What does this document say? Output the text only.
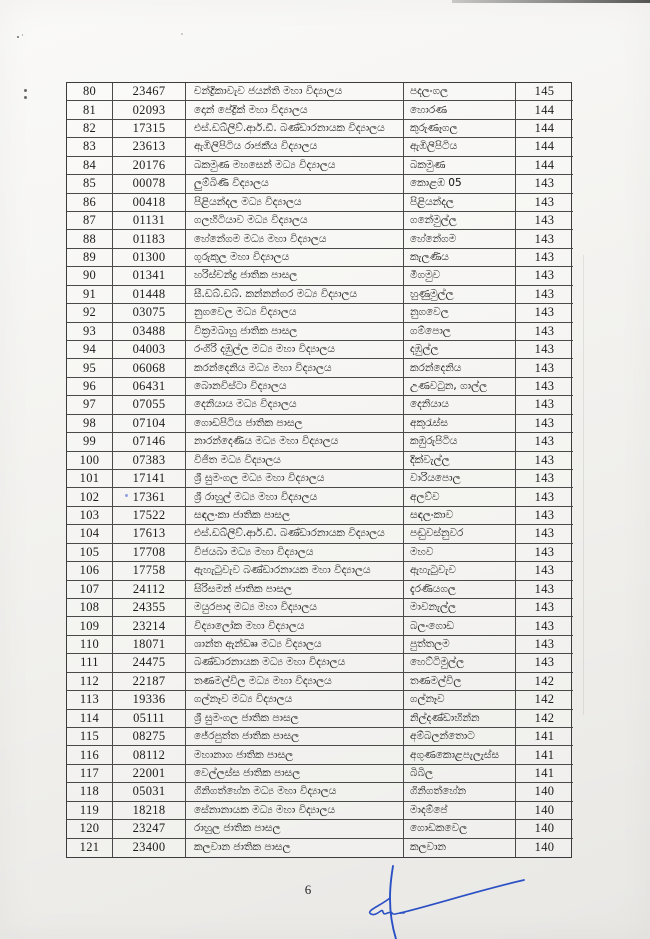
80	23467	චන්ද්‍රිකාවැව ජයන්ති මහා විද්‍යාලය	පදලංගල	145
81	02093	දොන් පේද්‍රික් මහා විද්‍යාලය	හොරණ	144
82	17315	එස්.ඩබ්ලිව්.ආර්.ඩී. බණ්ඩාරනායක විද්‍යාලය	කුරුණෑගල	144
83	23613	ඇඹිලිපිටිය රාජකීය විද්‍යාලය	ඇඹිලිපිටිය	144
84	20176	බකමුණ මහසෙන් මධ්‍ය විද්‍යාලය	බකමුණ	144
85	00078	ලුම්බිණි විද්‍යාලය	කොළඹ 05	143
86	00418	පිළියන්දල මධ්‍ය විද්‍යාලය	පිළියන්දල	143
87	01131	ගලහිටියාව මධ්‍ය විද්‍යාලය	ගනේමුල්ල	143
88	01183	හේනේගම මධ්‍ය මහා විද්‍යාලය	හේනේගම	143
89	01300	ගුරුකුල මහා විද්‍යාලය	කැලණිය	143
90	01341	හරිස්චන්ද්‍ර ජාතික පාසල	මීගමුව	143
91	01448	සී.ඩබ්.ඩබ්. කන්නන්ගර මධ්‍ය විද්‍යාලය	හුණුමුල්ල	143
92	03075	නුගවෙල මධ්‍ය විද්‍යාලය	නුගවෙල	143
93	03488	වික්‍රමබාහු ජාතික පාසල	ගම්පොල	143
94	04003	රංගිරි දඹුල්ල මධ්‍ය මහා විද්‍යාලය	දඹුල්ල	143
95	06068	කරන්දෙනිය මධ්‍ය මහා විද්‍යාලය	කරන්දෙනිය	143
96	06431	බොනවිස්ටා විද්‍යාලය	උණවටුන, ගාල්ල	143
97	07055	දෙනියාය මධ්‍ය විද්‍යාලය	දෙනියාය	143
98	07104	ගොඩපිටිය ජාතික පාසල	අකුරැස්ස	143
99	07146	නාරන්දෙණිය මධ්‍ය මහා විද්‍යාලය	කඹුරුපිටිය	143
100	07383	විජිත මධ්‍ය විද්‍යාලය	දික්වැල්ල	143
101	17141	ශ්‍රී සුමංගල මධ්‍ය මහා විද්‍යාලය	වාරියපොල	143
102	17361	ශ්‍රී රාහුල් මධ්‍ය මහා විද්‍යාලය	අලව්ව	143
103	17522	සඳලංකා ජාතික පාසල	සඳලංකාව	143
104	17613	එස්.ඩබ්ලිව්.ආර්.ඩී. බණ්ඩාරනායක විද්‍යාලය	පඬුවස්නුවර	143
105	17708	විජයබා මධ්‍ය මහා විද්‍යාලය	මහව	143
106	17758	ඇහැටුවැව බණ්ඩාරනායක මහා විද්‍යාලය	ඇහැටුවැව	143
107	24112	සිරිසමන් ජාතික පාසල	දැරණියගල	143
108	24355	මයුරපාද මධ්‍ය මහා විද්‍යාලය	මාවනැල්ල	143
109	23214	විද්‍යාලෝක මහා විද්‍යාලය	බලංගොඩ	143
110	18071	ශාන්ත ඇන්ඩෲ මධ්‍ය විද්‍යාලය	පුත්තලම	143
111	24475	බණ්ඩාරනායක මධ්‍ය මහා විද්‍යාලය	හෙට්ටිමුල්ල	143
112	22187	තණමල්විල මධ්‍ය මහා විද්‍යාලය	තණමල්විල	142
113	19336	ගල්නෑව මධ්‍ය විද්‍යාලය	ගල්නෑව	142
114	05111	ශ්‍රී සුමංගල ජාතික පාසල	නිල්දණ්ඩාහින්න	142
115	08275	ජේරපුත්ත ජාතික පාසල	අම්බලන්තොට	141
116	08112	මහානාග ජාතික පාසල	අගුණකොළපැලැස්ස	141
117	22001	වෙල්ලස්ස ජාතික පාසල	බිබිල	141
118	05031	ගිනිගත්හේන මධ්‍ය මහා විද්‍යාලය	ගිනිගත්හේන	140
119	18218	සේනානායක මධ්‍ය මහා විද්‍යාලය	මාදම්පේ	140
120	23247	රාහුල ජාතික පාසල	ගොඩකවෙල	140
121	23400	කලවාන ජාතික පාසල	කලවාන	140
6
